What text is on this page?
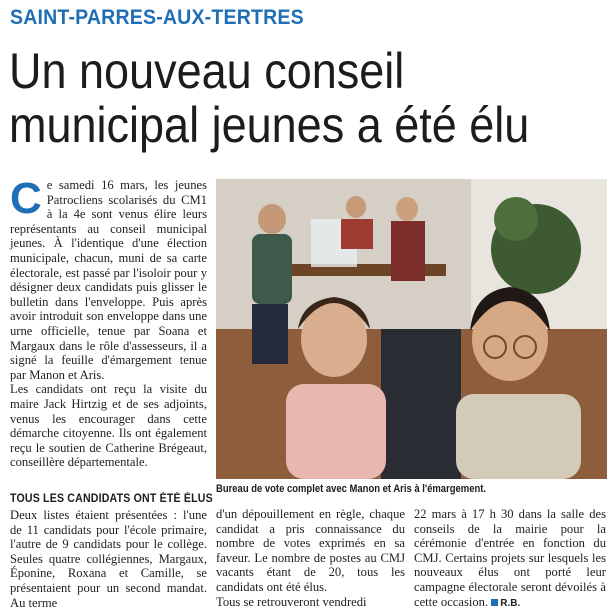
SAINT-PARRES-AUX-TERTRES
Un nouveau conseil municipal jeunes a été élu
C e samedi 16 mars, les jeunes Patrocliens scolarisés du CM1 à la 4e sont venus élire leurs représentants au conseil municipal jeunes. À l'identique d'une élection municipale, chacun, muni de sa carte électorale, est passé par l'isoloir pour y désigner deux candidats puis glisser le bulletin dans l'enveloppe. Puis après avoir introduit son enveloppe dans une urne officielle, tenue par Soana et Margaux dans le rôle d'assesseurs, il a signé la feuille d'émargement tenue par Manon et Aris.

Les candidats ont reçu la visite du maire Jack Hirtzig et de ses adjoints, venus les encourager dans cette démarche citoyenne. Ils ont également reçu le soutien de Catherine Brégeaut, conseillère départementale.

Bureau de vote complet avec Manon et Aris à l'émargement.
TOUS LES CANDIDATS ONT ÉTÉ ÉLUS

Deux listes étaient présentées : l'une de 11 candidats pour l'école primaire, l'autre de 9 candidats pour le collège. Seules quatre collégiennes, Margaux, Éponine, Roxana et Camille, se présentaient pour un second mandat. Au terme

d'un dépouillement en règle, chaque candidat a pris connaissance du nombre de votes exprimés en sa faveur. Le nombre de postes au CMJ vacants étant de 20, tous les candidats ont été élus.

Tous se retrouveront vendredi

22 mars à 17 h 30 dans la salle des conseils de la mairie pour la cérémonie d'entrée en fonction du CMJ. Certains projets sur lesquels les nouveaux élus ont porté leur campagne électorale seront dévoilés à cette occasion. R.B.
